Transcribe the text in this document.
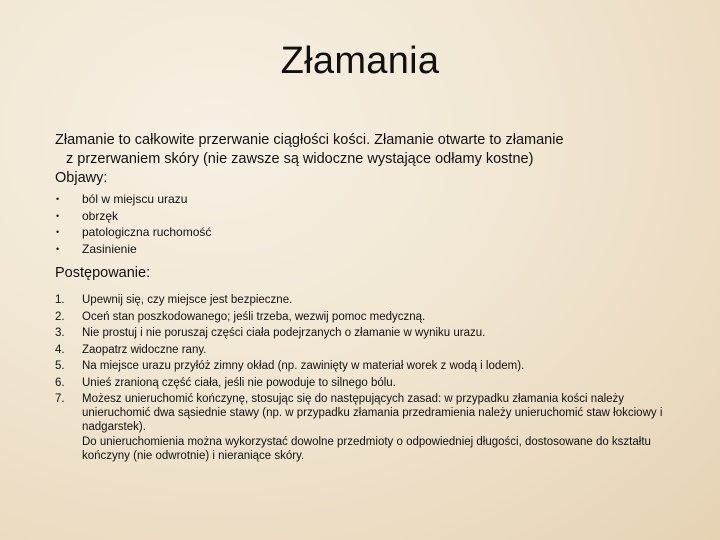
Złamania
Złamanie to całkowite przerwanie ciągłości kości. Złamanie otwarte to złamanie
z przerwaniem skóry (nie zawsze są widoczne wystające odłamy kostne)
Objawy:
• ból w miejscu urazu
• obrzęk
• patologiczna ruchomość
• Zasinienie
Postępowanie:
1. Upewnij się, czy miejsce jest bezpieczne.

2. Oceń stan poszkodowanego; jeśli trzeba, wezwij pomoc medyczną.

3. Nie prostuj i nie poruszaj części ciała podejrzanych o złamanie w wyniku urazu.

4. Zaopatrz widoczne rany.

5. Na miejsce urazu przyłóż zimny okład (np. zawinięty w materiał worek z wodą i lodem).

6. Unieś zranioną część ciała, jeśli nie powoduje to silnego bólu.

7. Możesz unieruchomić kończynę, stosując się do następujących zasad: w przypadku złamania kości należy unieruchomić dwa sąsiednie stawy (np. w przypadku złamania przedramienia należy unieruchomić staw łokciowy i nadgarstek).

Do unieruchomienia można wykorzystać dowolne przedmioty o odpowiedniej długości, dostosowane do kształtu kończyny (nie odwrotnie) i nieraniące skóry.
